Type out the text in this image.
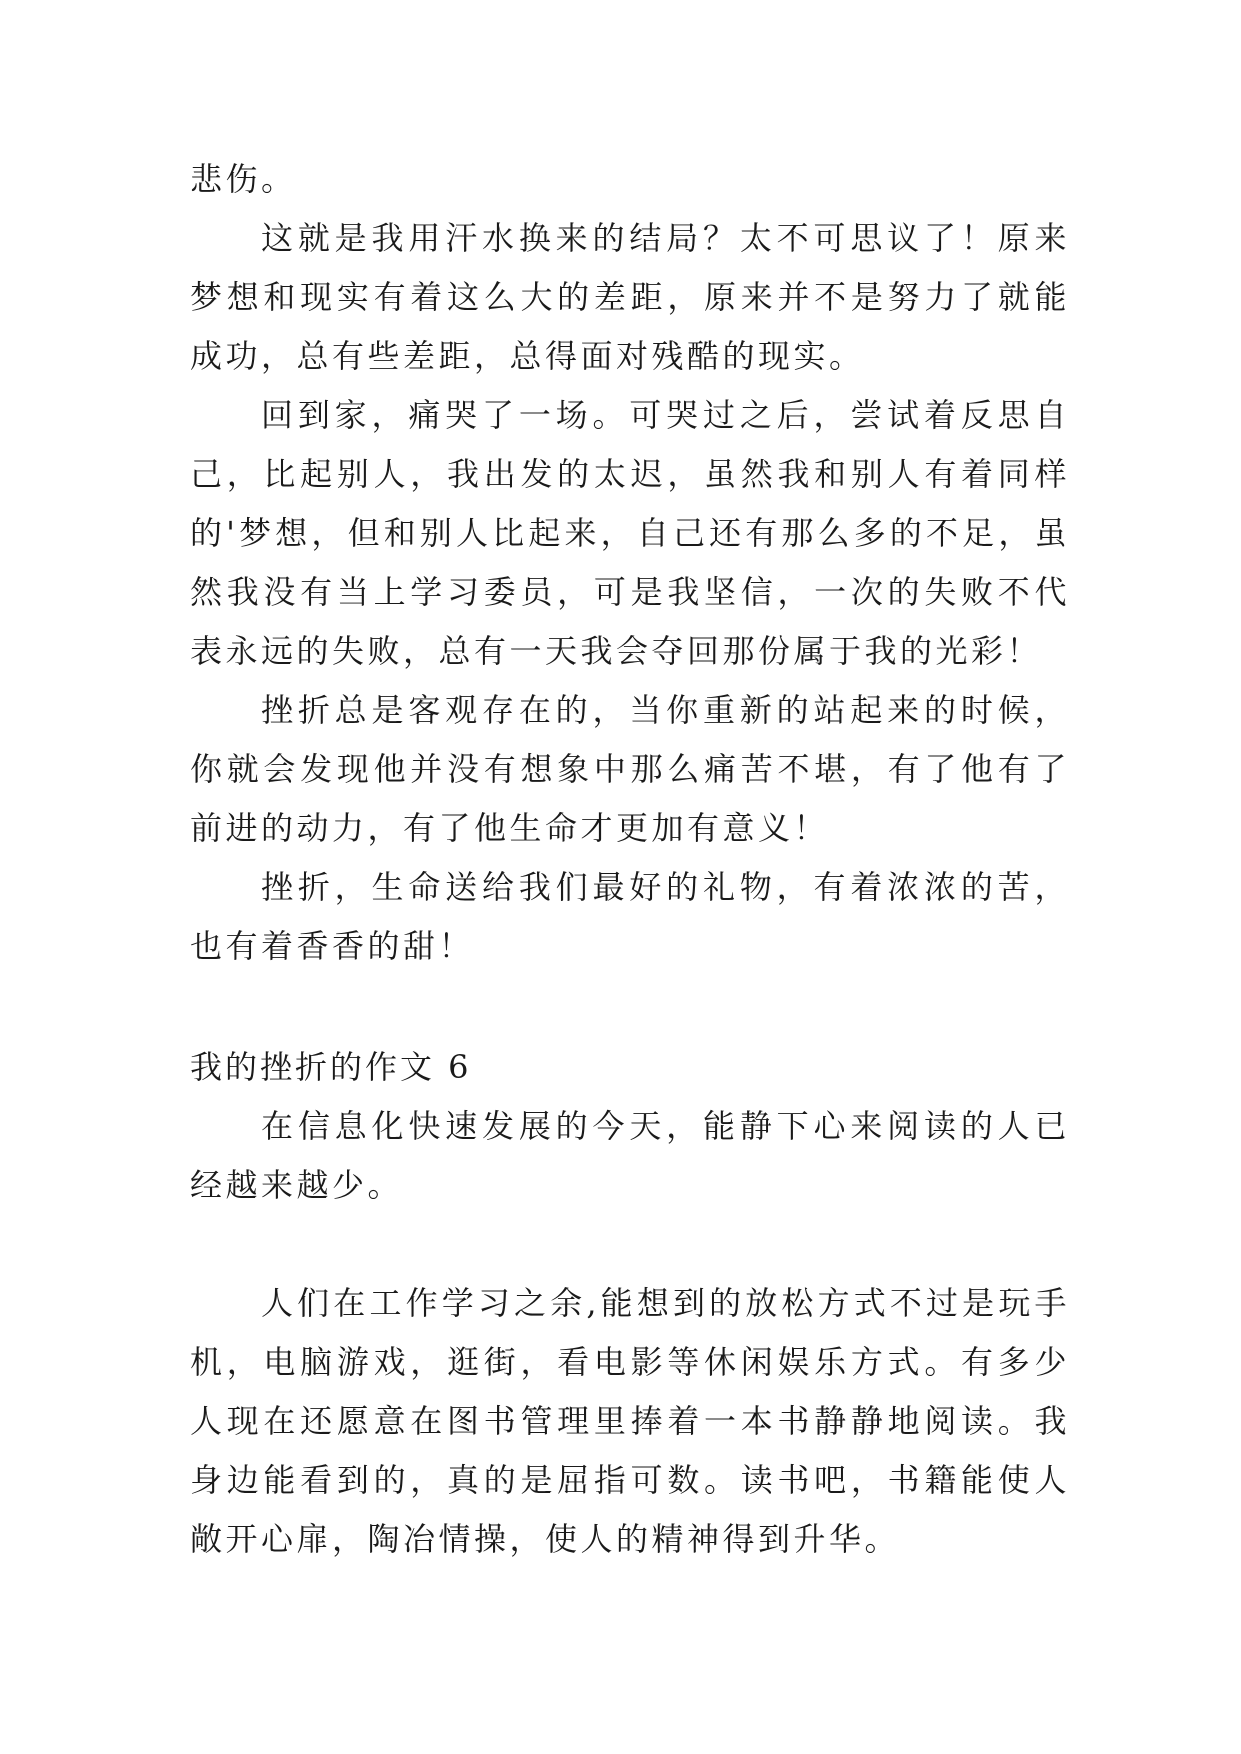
悲伤。

这就是我用汗水换来的结局？太不可思议了！原来梦想和现实有着这么大的差距，原来并不是努力了就能成功，总有些差距，总得面对残酷的现实。

回到家，痛哭了一场。可哭过之后，尝试着反思自己，比起别人，我出发的太迟，虽然我和别人有着同样的'梦想，但和别人比起来，自己还有那么多的不足，虽然我没有当上学习委员，可是我坚信，一次的失败不代表永远的失败，总有一天我会夺回那份属于我的光彩！

挫折总是客观存在的，当你重新的站起来的时候，你就会发现他并没有想象中那么痛苦不堪，有了他有了前进的动力，有了他生命才更加有意义！

挫折，生命送给我们最好的礼物，有着浓浓的苦，也有着香香的甜！

我的挫折的作文 6

在信息化快速发展的今天，能静下心来阅读的人已经越来越少。

人们在工作学习之余,能想到的放松方式不过是玩手机，电脑游戏，逛街，看电影等休闲娱乐方式。有多少人现在还愿意在图书管理里捧着一本书静静地阅读。我身边能看到的，真的是屈指可数。读书吧，书籍能使人敞开心扉，陶冶情操，使人的精神得到升华。
